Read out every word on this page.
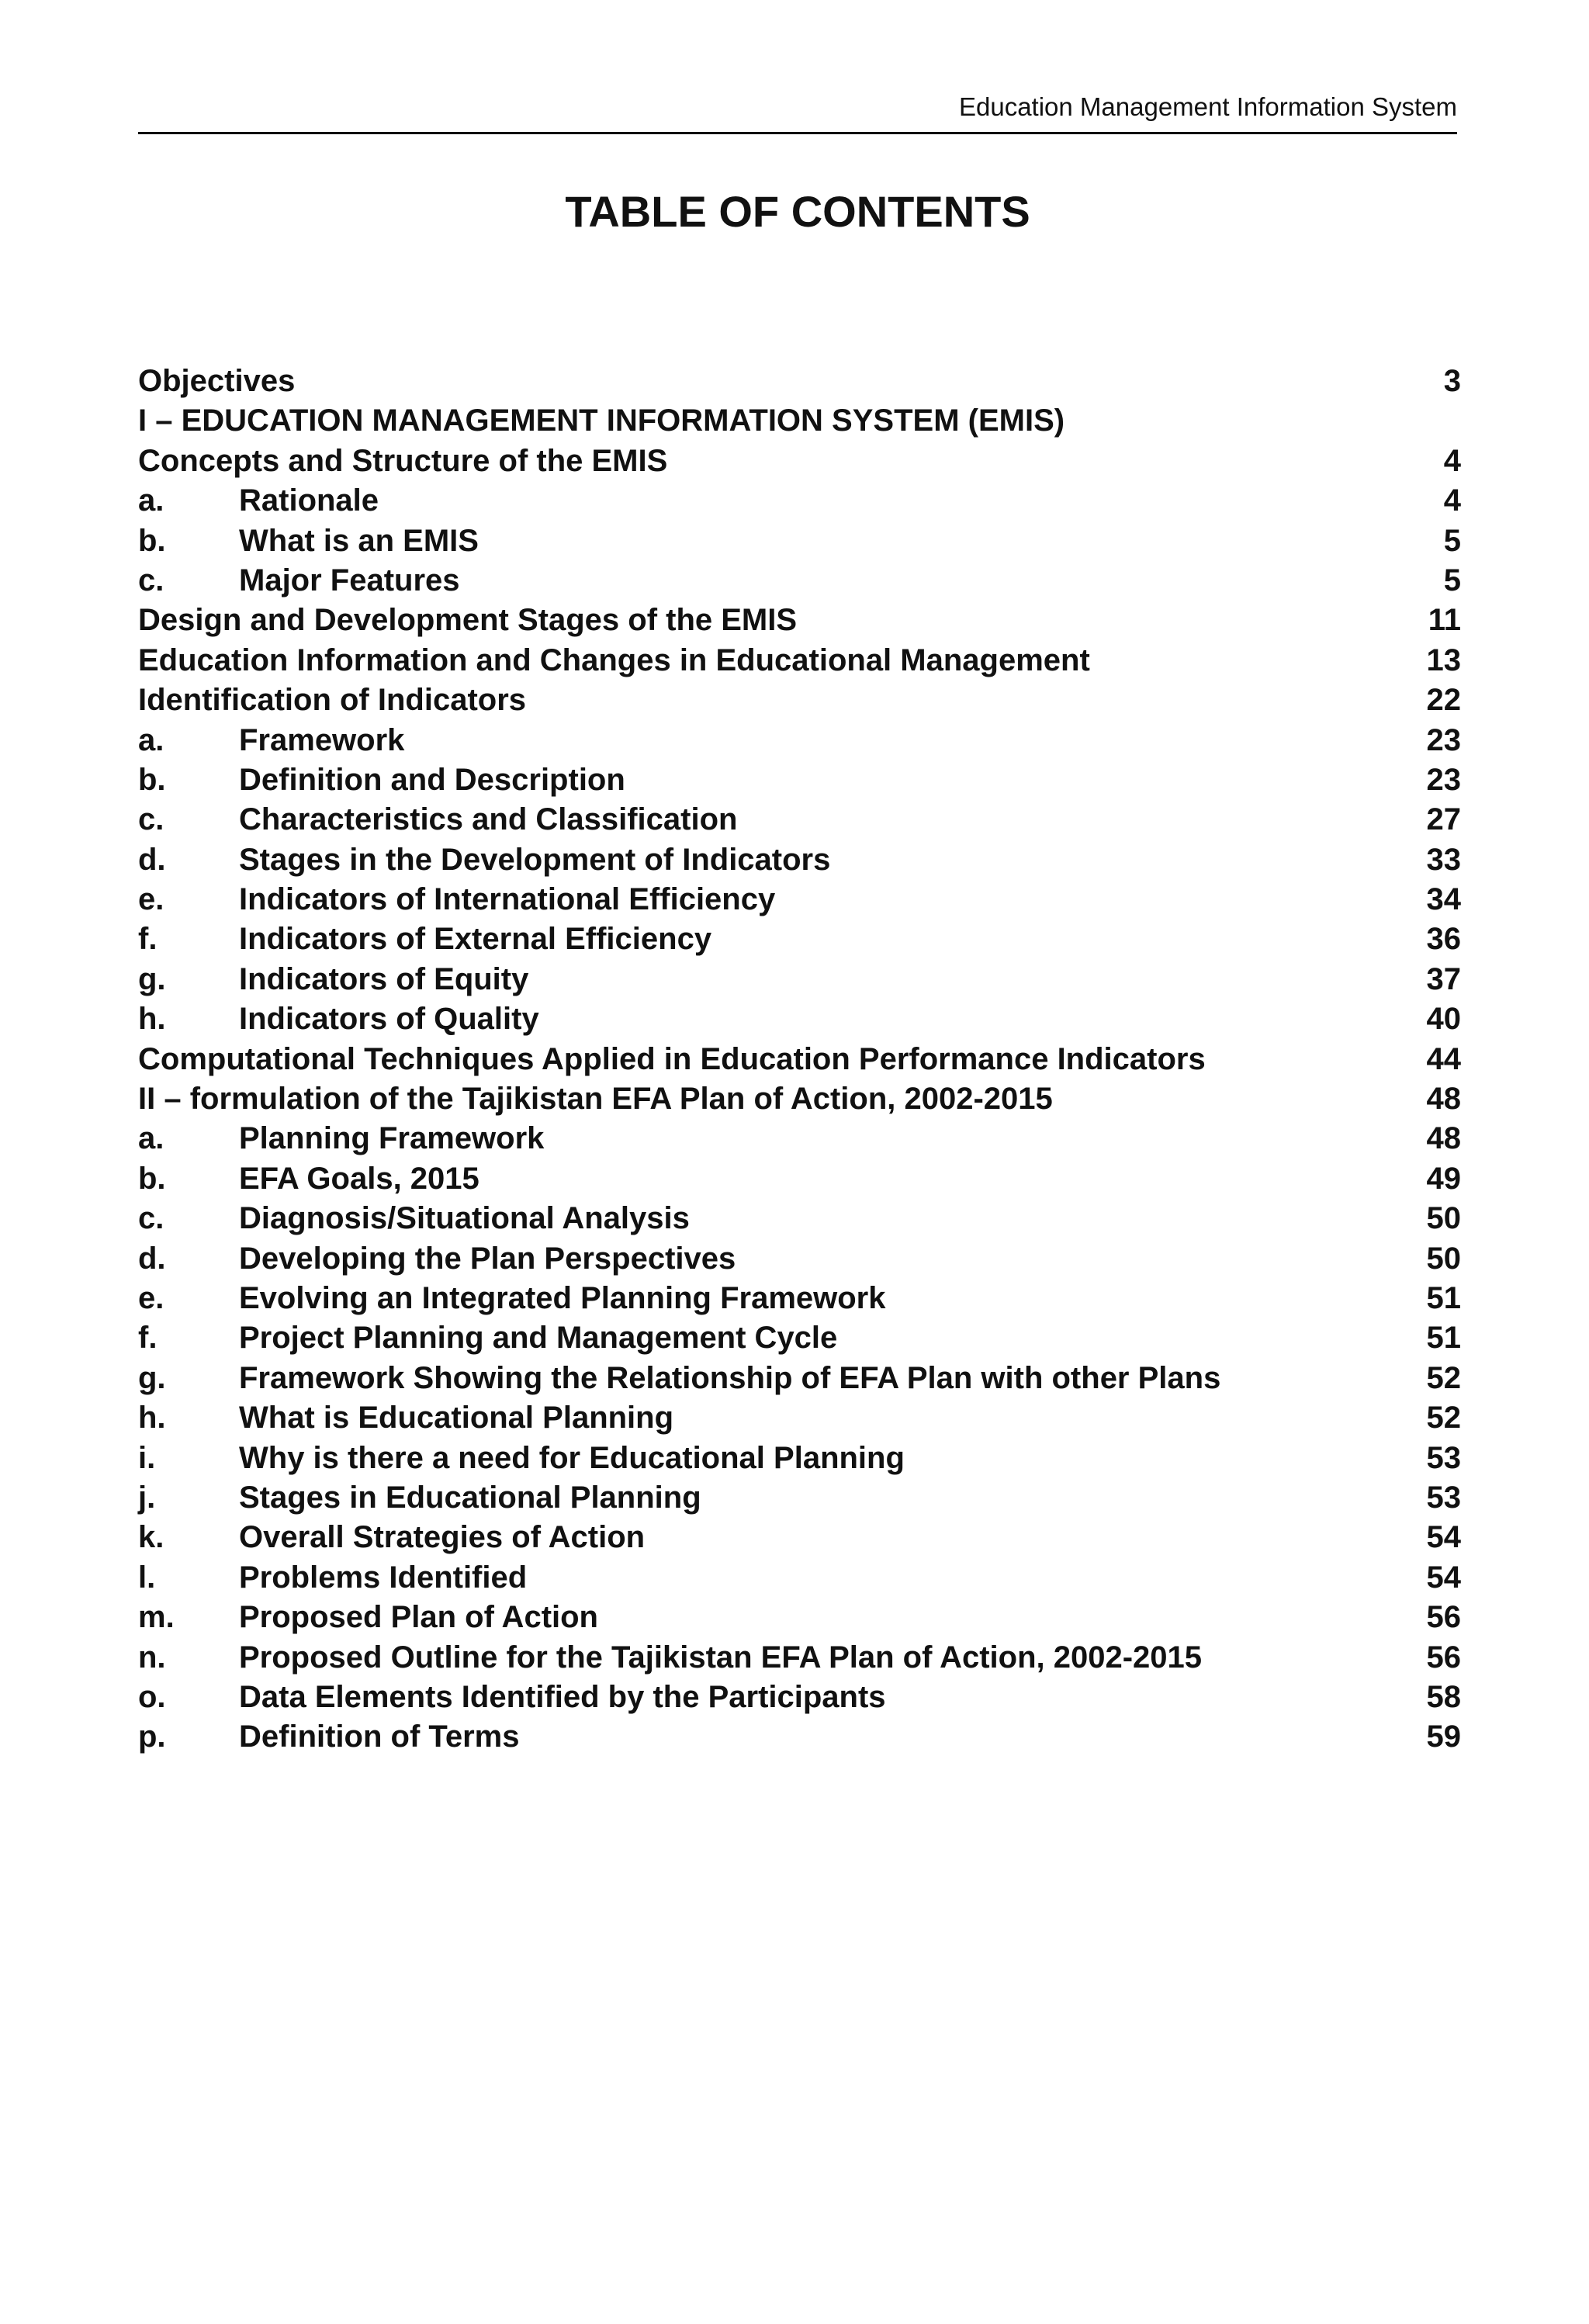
Education Management Information System
TABLE OF CONTENTS
Objectives	3
I – EDUCATION MANAGEMENT INFORMATION SYSTEM (EMIS)
Concepts and Structure of the EMIS	4
a. Rationale	4
b. What is an EMIS	5
c. Major Features	5
Design and Development Stages of the EMIS	11
Education Information and Changes in Educational Management	13
Identification of Indicators	22
a. Framework	23
b. Definition and Description	23
c. Characteristics and Classification	27
d. Stages in the Development of Indicators	33
e. Indicators of International Efficiency	34
f.	Indicators of External Efficiency	36
g. Indicators of Equity	37
h. Indicators of Quality	40
Computational Techniques Applied in Education Performance Indicators	44
II – formulation of the Tajikistan EFA Plan of Action, 2002-2015	48
a. Planning Framework	48
b. EFA Goals, 2015	49
c. Diagnosis/Situational Analysis	50
d. Developing the Plan Perspectives	50
e. Evolving an Integrated Planning Framework	51
f.	Project Planning and Management Cycle	51
g. Framework Showing the Relationship of EFA Plan with other Plans	52
h. What is Educational Planning	52
i.	Why is there a need for Educational Planning	53
j.	Stages in Educational Planning	53
k. Overall Strategies of Action	54
l.	Problems Identified	54
m. Proposed Plan of Action	56
n. Proposed Outline for the Tajikistan EFA Plan of Action, 2002-2015	56
o. Data Elements Identified by the Participants	58
p. Definition of Terms	59
